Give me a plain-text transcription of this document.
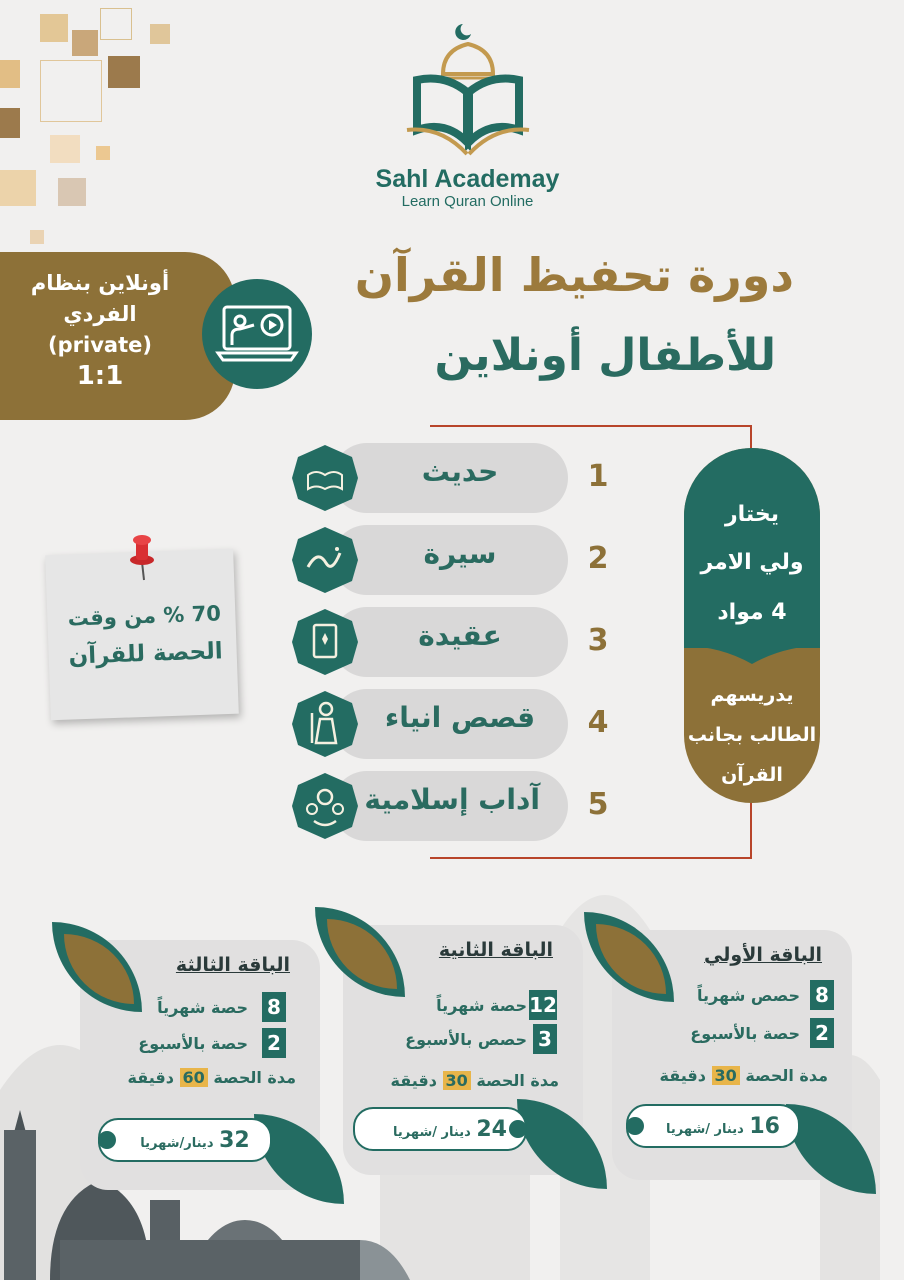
Sahl Academay
Learn Quran Online
دورة تحفيظ القرآن
للأطفال أونلاين
أونلاين بنظام
الفردي
(private)
1:1
حديث	1
سيرة	2
عقيدة	3
قصص انياء 4
آداب إسلامية 5
يختار
ولي الامر
4 مواد
يدريسهم
الطالب بجانب
القرآن
70 % من وقت
الحصة للقرآن
الباقة الثالثة
8
حصة شهرياً
2
حصة بالأسبوع
مدة الحصة 60 دقيقة
32 دينار/شهريا
الباقة الثانية
12
حصة شهرياً
3
حصص بالأسبوع
مدة الحصة 30 دقيقة
24 دينار /شهريا
الباقة الأولي
8
حصص شهرياً
2
حصة بالأسبوع
مدة الحصة 30 دقيقة
16 دينار /شهريا
